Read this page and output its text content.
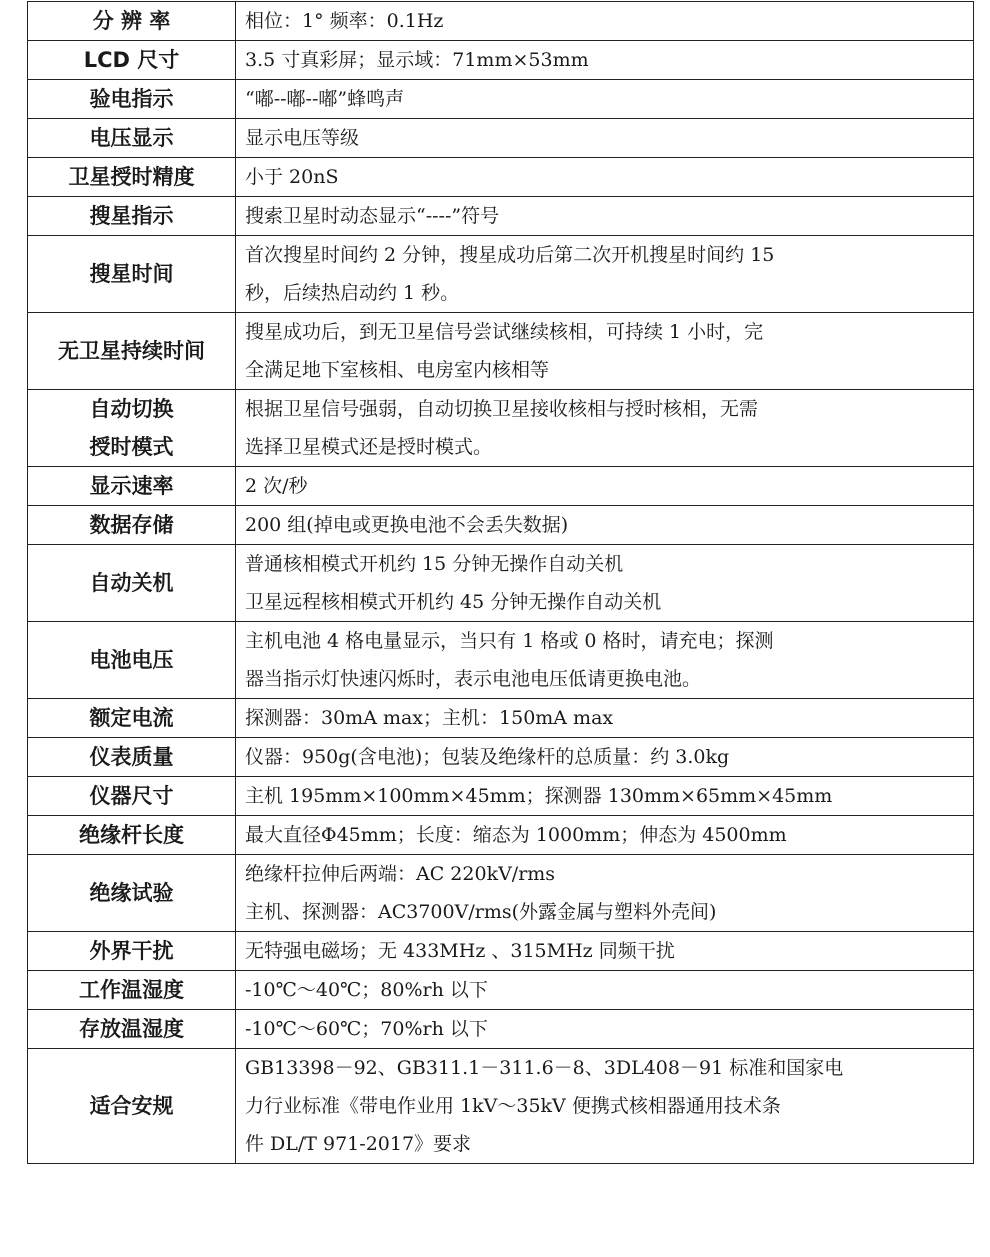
分 辨 率	相位：1° 频率：0.1Hz

LCD 尺寸	3.5 寸真彩屏；显示域：71mm×53mm

验电指示	“嘟--嘟--嘟”蜂鸣声

电压显示	显示电压等级

卫星授时精度	小于 20nS

搜星指示	搜索卫星时动态显示“----”符号

搜星时间	首次搜星时间约 2 分钟，搜星成功后第二次开机搜星时间约 15
秒，后续热启动约 1 秒。

无卫星持续时间	搜星成功后，到无卫星信号尝试继续核相，可持续 1 小时，完
全满足地下室核相、电房室内核相等

自动切换
授时模式	根据卫星信号强弱，自动切换卫星接收核相与授时核相，无需
选择卫星模式还是授时模式。

显示速率	2 次/秒

数据存储	200 组(掉电或更换电池不会丢失数据)

自动关机	普通核相模式开机约 15 分钟无操作自动关机
卫星远程核相模式开机约 45 分钟无操作自动关机

电池电压	主机电池 4 格电量显示，当只有 1 格或 0 格时，请充电；探测
器当指示灯快速闪烁时，表示电池电压低请更换电池。

额定电流	探测器：30mA max；主机：150mA max

仪表质量	仪器：950g(含电池)；包装及绝缘杆的总质量：约 3.0kg

仪器尺寸	主机 195mm×100mm×45mm；探测器 130mm×65mm×45mm

绝缘杆长度	最大直径Φ45mm；长度：缩态为 1000mm；伸态为 4500mm

绝缘试验	绝缘杆拉伸后两端：AC 220kV/rms
主机、探测器：AC3700V/rms(外露金属与塑料外壳间)

外界干扰	无特强电磁场；无 433MHz 、315MHz 同频干扰

工作温湿度	-10℃～40℃；80%rh 以下

存放温湿度	-10℃～60℃；70%rh 以下

适合安规	GB13398－92、GB311.1－311.6－8、3DL408－91 标准和国家电
力行业标准《带电作业用 1kV～35kV 便携式核相器通用技术条
件 DL/T 971-2017》要求
